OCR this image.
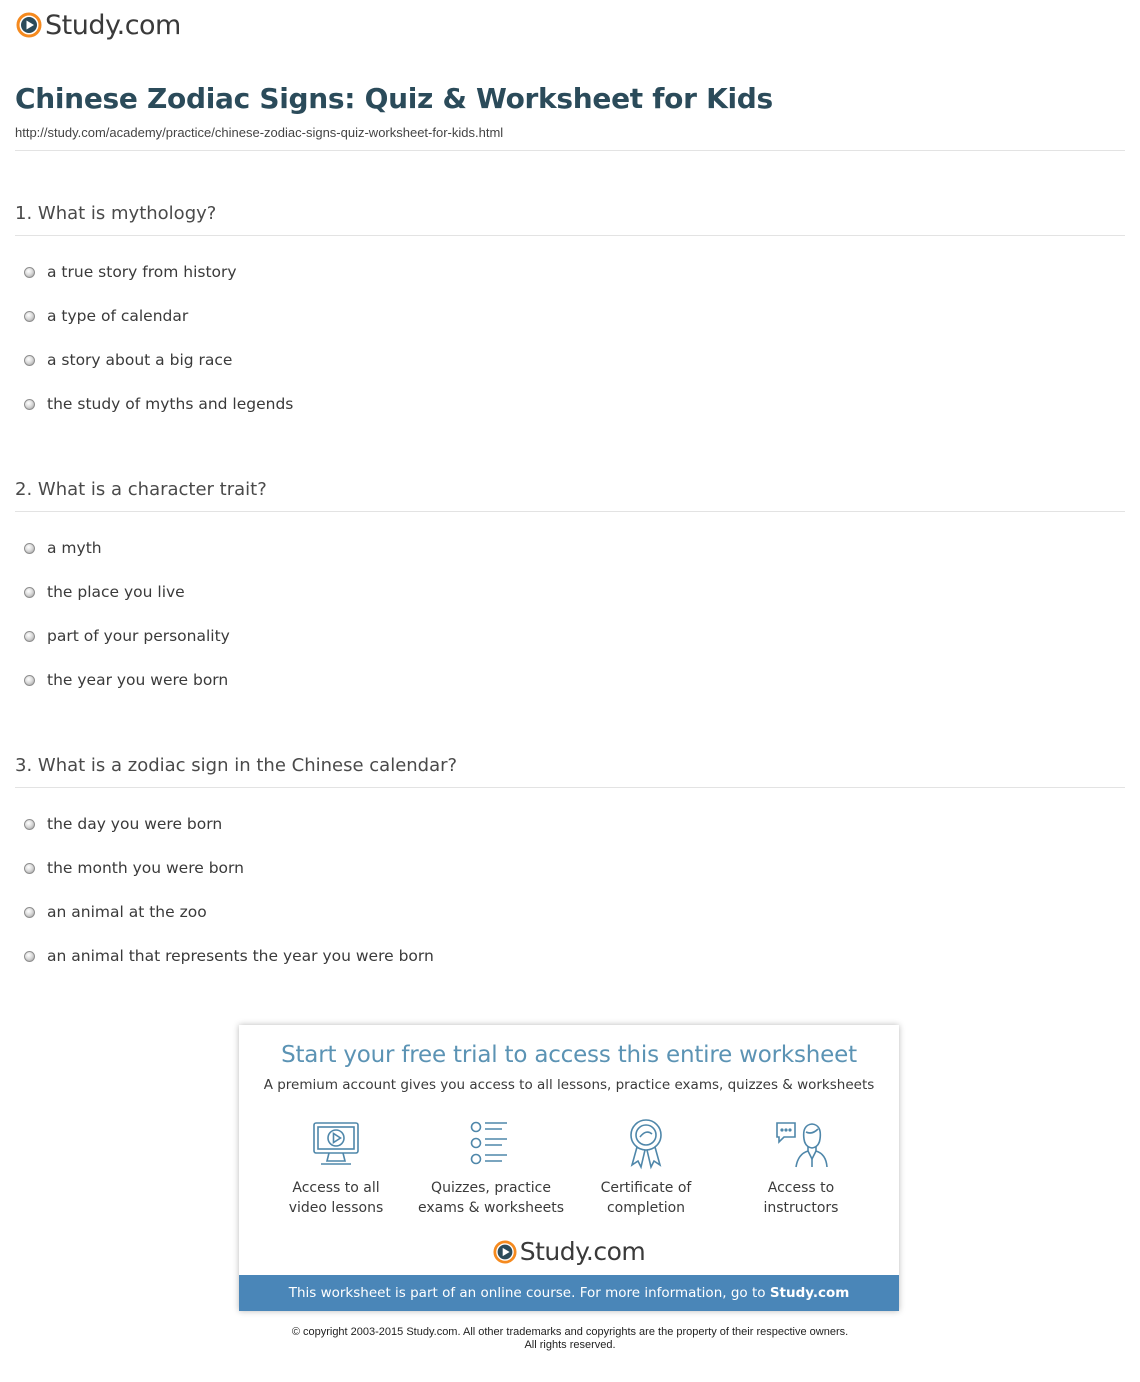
Study.com
Chinese Zodiac Signs: Quiz & Worksheet for Kids
http://study.com/academy/practice/chinese-zodiac-signs-quiz-worksheet-for-kids.html
1. What is mythology?
a true story from history
a type of calendar
a story about a big race
the study of myths and legends
2. What is a character trait?
a myth
the place you live
part of your personality
the year you were born
3. What is a zodiac sign in the Chinese calendar?
the day you were born
the month you were born
an animal at the zoo
an animal that represents the year you were born
Start your free trial to access this entire worksheet
A premium account gives you access to all lessons, practice exams, quizzes & worksheets
Access to all
video lessons
Quizzes, practice
exams & worksheets
Certificate of
completion
Access to
instructors
Study.com
This worksheet is part of an online course. For more information, go to Study.com
© copyright 2003-2015 Study.com. All other trademarks and copyrights are the property of their respective owners.
All rights reserved.
